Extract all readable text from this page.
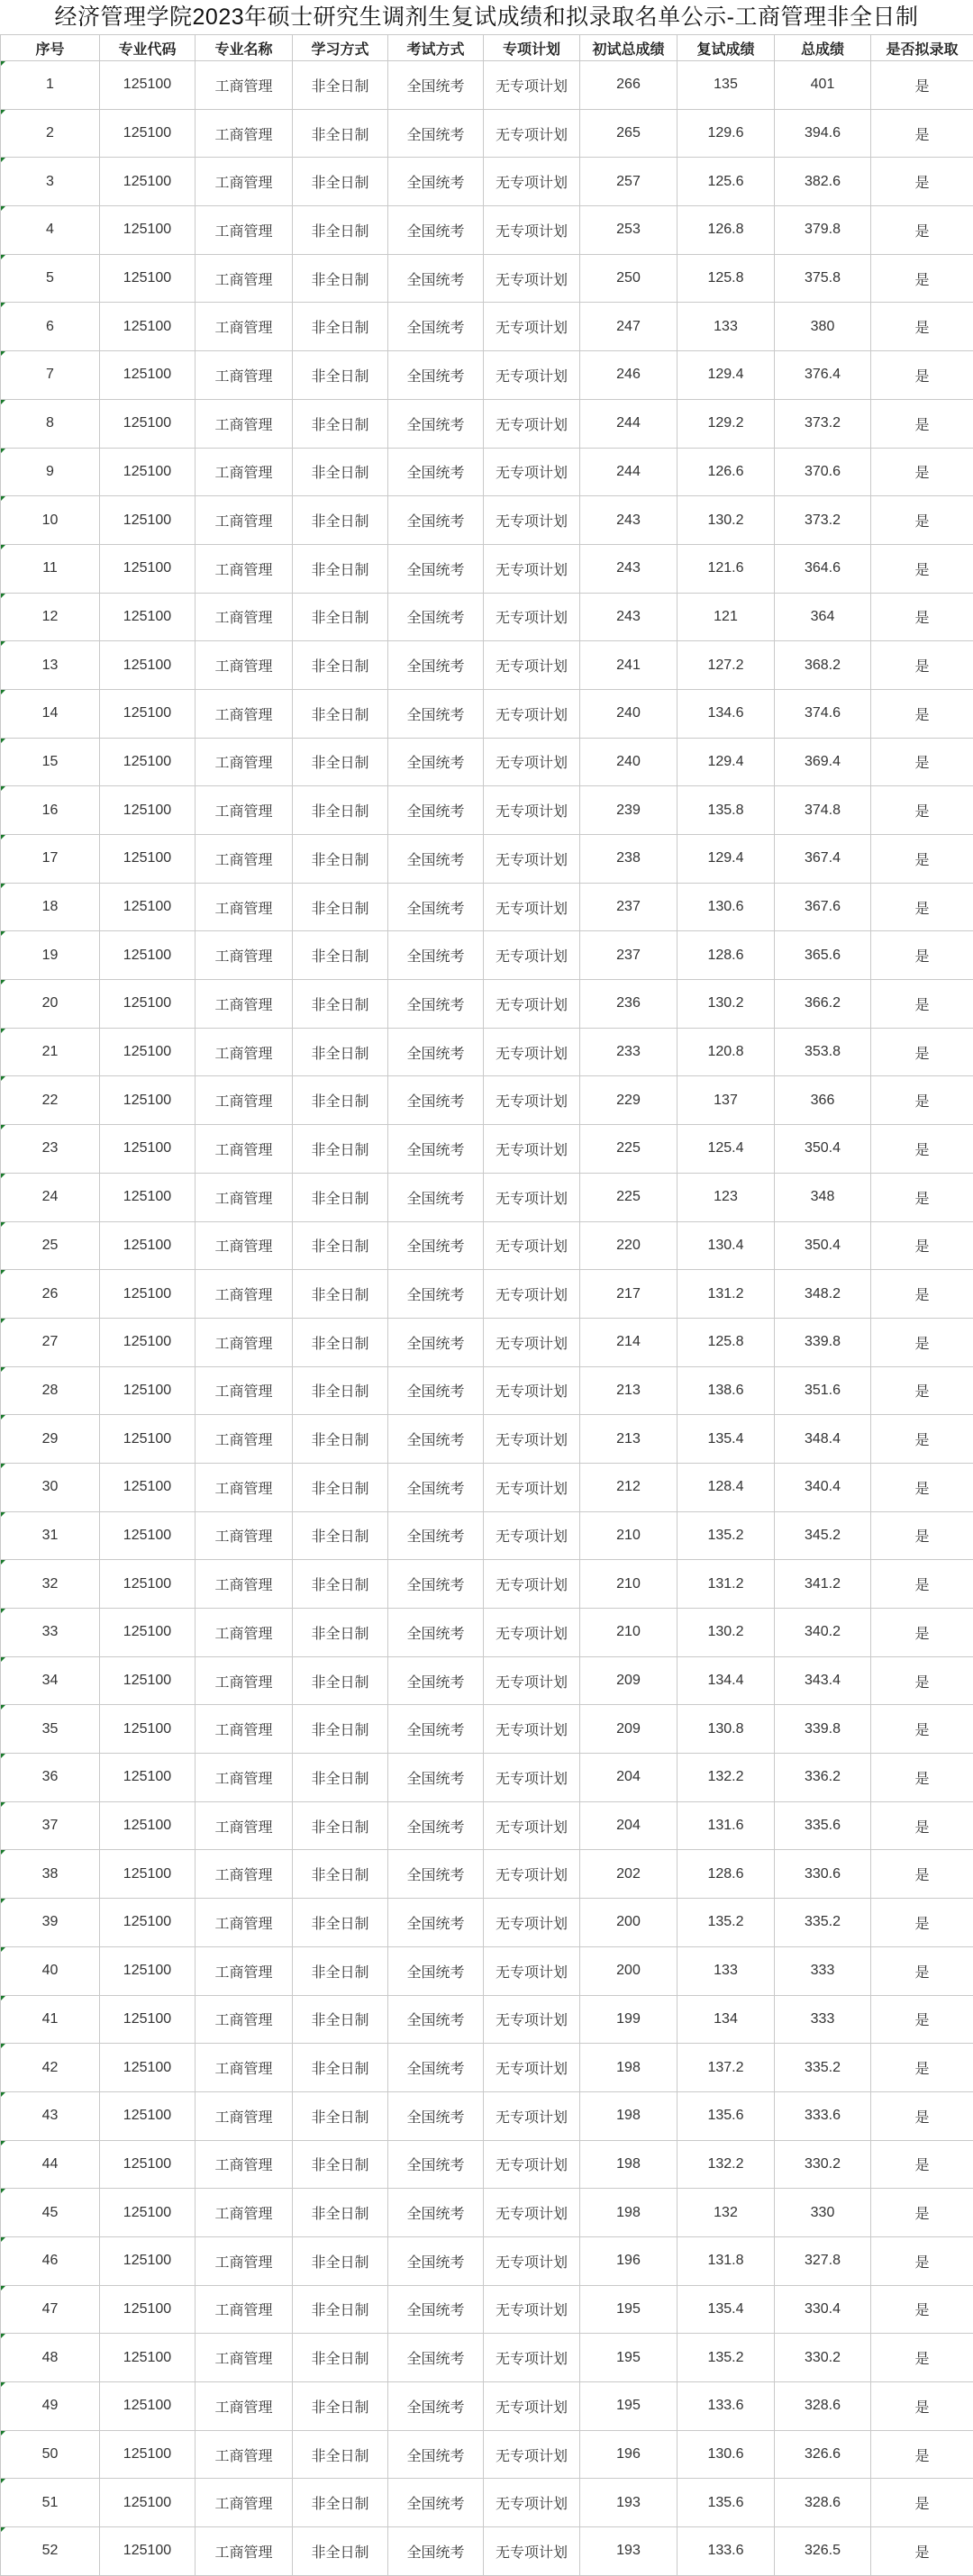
经济管理学院2023年硕士研究生调剂生复试成绩和拟录取名单公示-工商管理非全日制
序号	专业代码	专业名称	学习方式	考试方式	专项计划	初试总成绩	复试成绩	总成绩	是否拟录取
1	125100	工商管理	非全日制	全国统考	无专项计划	266	135	401	是
2	125100	工商管理	非全日制	全国统考	无专项计划	265	129.6	394.6	是
3	125100	工商管理	非全日制	全国统考	无专项计划	257	125.6	382.6	是
4	125100	工商管理	非全日制	全国统考	无专项计划	253	126.8	379.8	是
5	125100	工商管理	非全日制	全国统考	无专项计划	250	125.8	375.8	是
6	125100	工商管理	非全日制	全国统考	无专项计划	247	133	380	是
7	125100	工商管理	非全日制	全国统考	无专项计划	246	129.4	376.4	是
8	125100	工商管理	非全日制	全国统考	无专项计划	244	129.2	373.2	是
9	125100	工商管理	非全日制	全国统考	无专项计划	244	126.6	370.6	是
10	125100	工商管理	非全日制	全国统考	无专项计划	243	130.2	373.2	是
11	125100	工商管理	非全日制	全国统考	无专项计划	243	121.6	364.6	是
12	125100	工商管理	非全日制	全国统考	无专项计划	243	121	364	是
13	125100	工商管理	非全日制	全国统考	无专项计划	241	127.2	368.2	是
14	125100	工商管理	非全日制	全国统考	无专项计划	240	134.6	374.6	是
15	125100	工商管理	非全日制	全国统考	无专项计划	240	129.4	369.4	是
16	125100	工商管理	非全日制	全国统考	无专项计划	239	135.8	374.8	是
17	125100	工商管理	非全日制	全国统考	无专项计划	238	129.4	367.4	是
18	125100	工商管理	非全日制	全国统考	无专项计划	237	130.6	367.6	是
19	125100	工商管理	非全日制	全国统考	无专项计划	237	128.6	365.6	是
20	125100	工商管理	非全日制	全国统考	无专项计划	236	130.2	366.2	是
21	125100	工商管理	非全日制	全国统考	无专项计划	233	120.8	353.8	是
22	125100	工商管理	非全日制	全国统考	无专项计划	229	137	366	是
23	125100	工商管理	非全日制	全国统考	无专项计划	225	125.4	350.4	是
24	125100	工商管理	非全日制	全国统考	无专项计划	225	123	348	是
25	125100	工商管理	非全日制	全国统考	无专项计划	220	130.4	350.4	是
26	125100	工商管理	非全日制	全国统考	无专项计划	217	131.2	348.2	是
27	125100	工商管理	非全日制	全国统考	无专项计划	214	125.8	339.8	是
28	125100	工商管理	非全日制	全国统考	无专项计划	213	138.6	351.6	是
29	125100	工商管理	非全日制	全国统考	无专项计划	213	135.4	348.4	是
30	125100	工商管理	非全日制	全国统考	无专项计划	212	128.4	340.4	是
31	125100	工商管理	非全日制	全国统考	无专项计划	210	135.2	345.2	是
32	125100	工商管理	非全日制	全国统考	无专项计划	210	131.2	341.2	是
33	125100	工商管理	非全日制	全国统考	无专项计划	210	130.2	340.2	是
34	125100	工商管理	非全日制	全国统考	无专项计划	209	134.4	343.4	是
35	125100	工商管理	非全日制	全国统考	无专项计划	209	130.8	339.8	是
36	125100	工商管理	非全日制	全国统考	无专项计划	204	132.2	336.2	是
37	125100	工商管理	非全日制	全国统考	无专项计划	204	131.6	335.6	是
38	125100	工商管理	非全日制	全国统考	无专项计划	202	128.6	330.6	是
39	125100	工商管理	非全日制	全国统考	无专项计划	200	135.2	335.2	是
40	125100	工商管理	非全日制	全国统考	无专项计划	200	133	333	是
41	125100	工商管理	非全日制	全国统考	无专项计划	199	134	333	是
42	125100	工商管理	非全日制	全国统考	无专项计划	198	137.2	335.2	是
43	125100	工商管理	非全日制	全国统考	无专项计划	198	135.6	333.6	是
44	125100	工商管理	非全日制	全国统考	无专项计划	198	132.2	330.2	是
45	125100	工商管理	非全日制	全国统考	无专项计划	198	132	330	是
46	125100	工商管理	非全日制	全国统考	无专项计划	196	131.8	327.8	是
47	125100	工商管理	非全日制	全国统考	无专项计划	195	135.4	330.4	是
48	125100	工商管理	非全日制	全国统考	无专项计划	195	135.2	330.2	是
49	125100	工商管理	非全日制	全国统考	无专项计划	195	133.6	328.6	是
50	125100	工商管理	非全日制	全国统考	无专项计划	196	130.6	326.6	是
51	125100	工商管理	非全日制	全国统考	无专项计划	193	135.6	328.6	是
52	125100	工商管理	非全日制	全国统考	无专项计划	193	133.6	326.5	是
